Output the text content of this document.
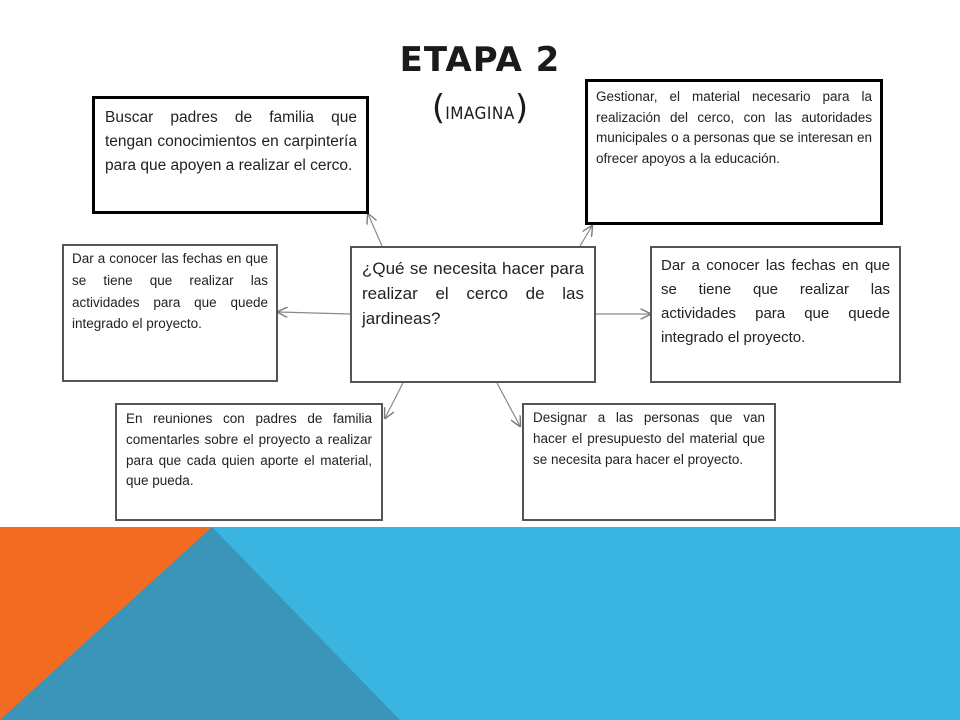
ETAPA 2
(IMAGINA)
¿Qué se necesita hacer para realizar el cerco de las jardineas?
Buscar padres de familia que tengan conocimientos en carpintería para que apoyen a realizar el cerco.
Gestionar, el material necesario para la realización del cerco, con las autoridades municipales o a personas que se interesan en ofrecer apoyos a la educación.
Dar a conocer las fechas en que se tiene que realizar las actividades para que quede integrado el proyecto.
Dar a conocer las fechas en que se tiene que realizar las actividades para que quede integrado el proyecto.
En reuniones con padres de familia comentarles sobre el proyecto a realizar para que cada quien aporte el material, que pueda.
Designar a las personas que van hacer el presupuesto del material que se necesita para hacer el proyecto.
